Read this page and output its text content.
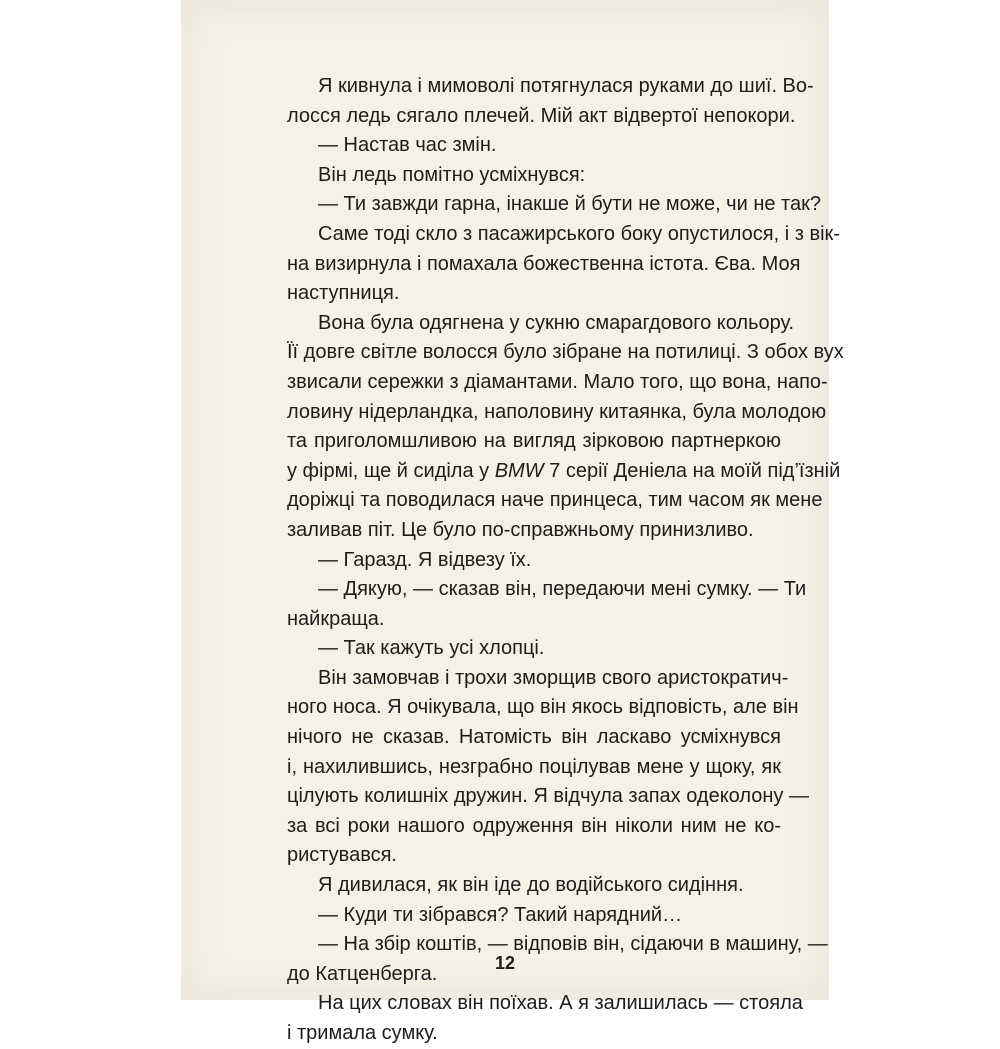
Я кивнула і мимоволі потягнулася руками до шиї. Во-
лосся ледь сягало плечей. Мій акт відвертої непокори.
— Настав час змін.
Він ледь помітно усміхнувся:
— Ти завжди гарна, інакше й бути не може, чи не так?
Саме тоді скло з пасажирського боку опустилося, і з вік-
на визирнула і помахала божественна істота. Єва. Моя
наступниця.
Вона була одягнена у сукню смарагдового кольору.
Її довге світле волосся було зібране на потилиці. З обох вух
звисали сережки з діамантами. Мало того, що вона, напо-
ловину нідерландка, наполовину китаянка, була молодою
та приголомшливою на вигляд зірковою партнеркою
у фірмі, ще й сиділа у BMW 7 серії Деніела на моїй під’їзній
доріжці та поводилася наче принцеса, тим часом як мене
заливав піт. Це було по-справжньому принизливо.
— Гаразд. Я відвезу їх.
— Дякую, — сказав він, передаючи мені сумку. — Ти
найкраща.
— Так кажуть усі хлопці.
Він замовчав і трохи зморщив свого аристократич-
ного носа. Я очікувала, що він якось відповість, але він
нічого не сказав. Натомість він ласкаво усміхнувся
і, нахилившись, незграбно поцілував мене у щоку, як
цілують колишніх дружин. Я відчула запах одеколону —
за всі роки нашого одруження він ніколи ним не ко-
ристувався.
Я дивилася, як він іде до водійського сидіння.
— Куди ти зібрався? Такий нарядний…
— На збір коштів, — відповів він, сідаючи в машину, —
до Катценберга.
На цих словах він поїхав. А я залишилась — стояла
і тримала сумку.
12
